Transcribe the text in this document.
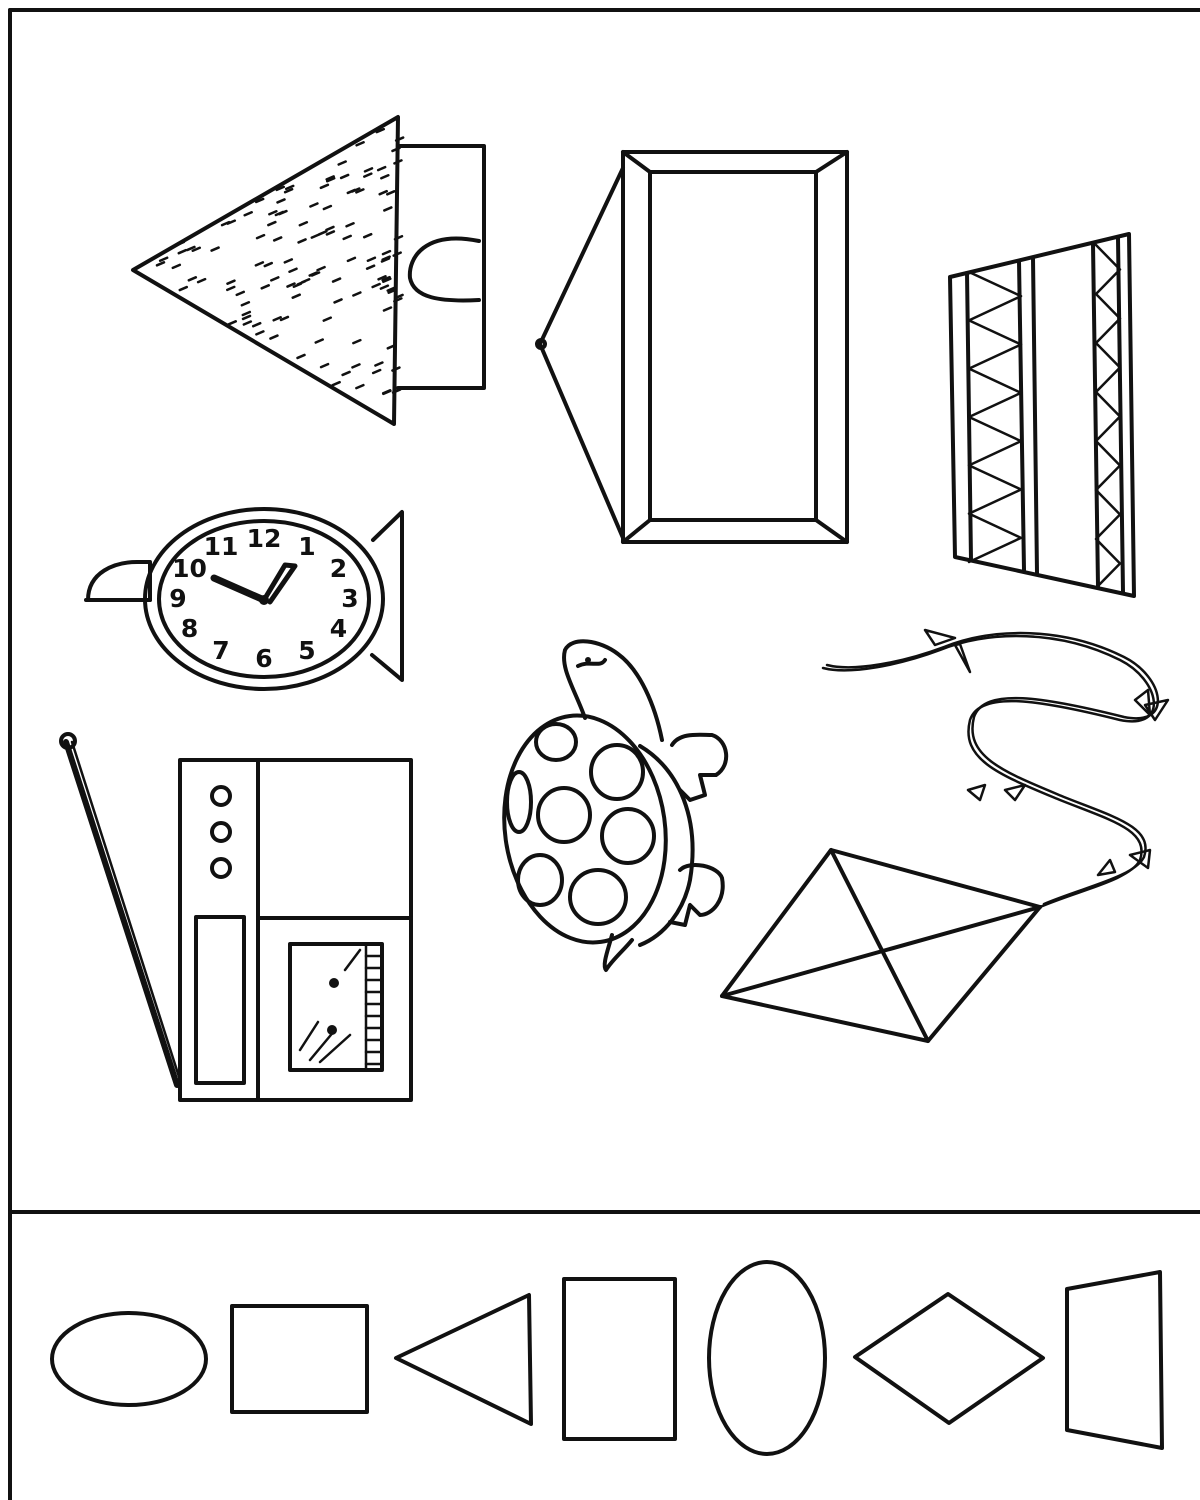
1
2
3
4
5
6
7
8
9
10
11 12
